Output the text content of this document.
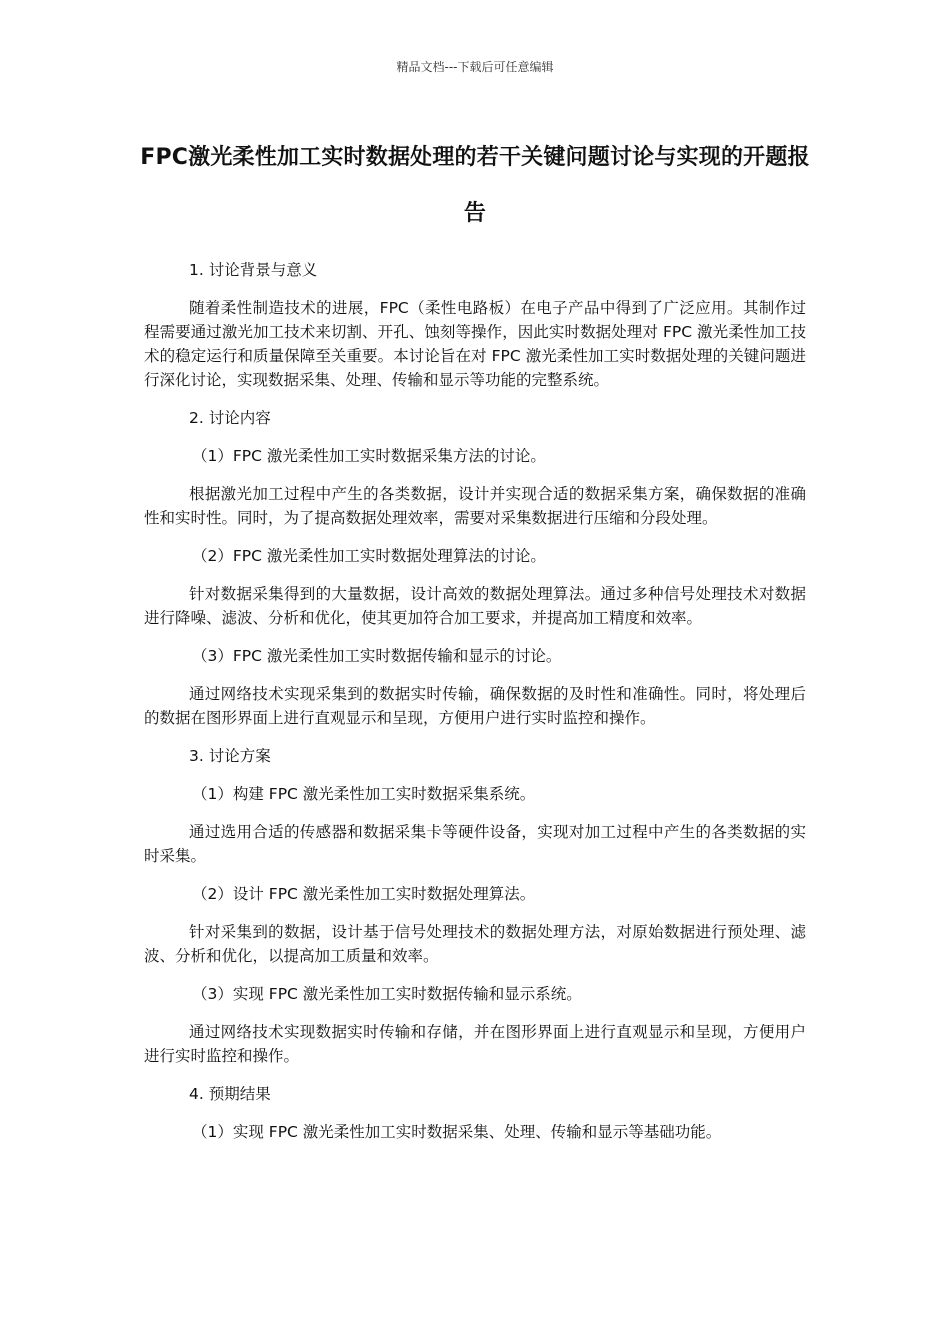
精品文档---下载后可任意编辑
FPC激光柔性加工实时数据处理的若干关键问题讨论与实现的开题报告

1. 讨论背景与意义

随着柔性制造技术的进展，FPC（柔性电路板）在电子产品中得到了广泛应用。其制作过程需要通过激光加工技术来切割、开孔、蚀刻等操作，因此实时数据处理对 FPC 激光柔性加工技术的稳定运行和质量保障至关重要。本讨论旨在对 FPC 激光柔性加工实时数据处理的关键问题进行深化讨论，实现数据采集、处理、传输和显示等功能的完整系统。

2. 讨论内容

（1）FPC 激光柔性加工实时数据采集方法的讨论。

根据激光加工过程中产生的各类数据，设计并实现合适的数据采集方案，确保数据的准确性和实时性。同时，为了提高数据处理效率，需要对采集数据进行压缩和分段处理。

（2）FPC 激光柔性加工实时数据处理算法的讨论。

针对数据采集得到的大量数据，设计高效的数据处理算法。通过多种信号处理技术对数据进行降噪、滤波、分析和优化，使其更加符合加工要求，并提高加工精度和效率。

（3）FPC 激光柔性加工实时数据传输和显示的讨论。

通过网络技术实现采集到的数据实时传输，确保数据的及时性和准确性。同时，将处理后的数据在图形界面上进行直观显示和呈现，方便用户进行实时监控和操作。

3. 讨论方案

（1）构建 FPC 激光柔性加工实时数据采集系统。

通过选用合适的传感器和数据采集卡等硬件设备，实现对加工过程中产生的各类数据的实时采集。

（2）设计 FPC 激光柔性加工实时数据处理算法。

针对采集到的数据，设计基于信号处理技术的数据处理方法，对原始数据进行预处理、滤波、分析和优化，以提高加工质量和效率。

（3）实现 FPC 激光柔性加工实时数据传输和显示系统。

通过网络技术实现数据实时传输和存储，并在图形界面上进行直观显示和呈现，方便用户进行实时监控和操作。

4. 预期结果

（1）实现 FPC 激光柔性加工实时数据采集、处理、传输和显示等基础功能。
